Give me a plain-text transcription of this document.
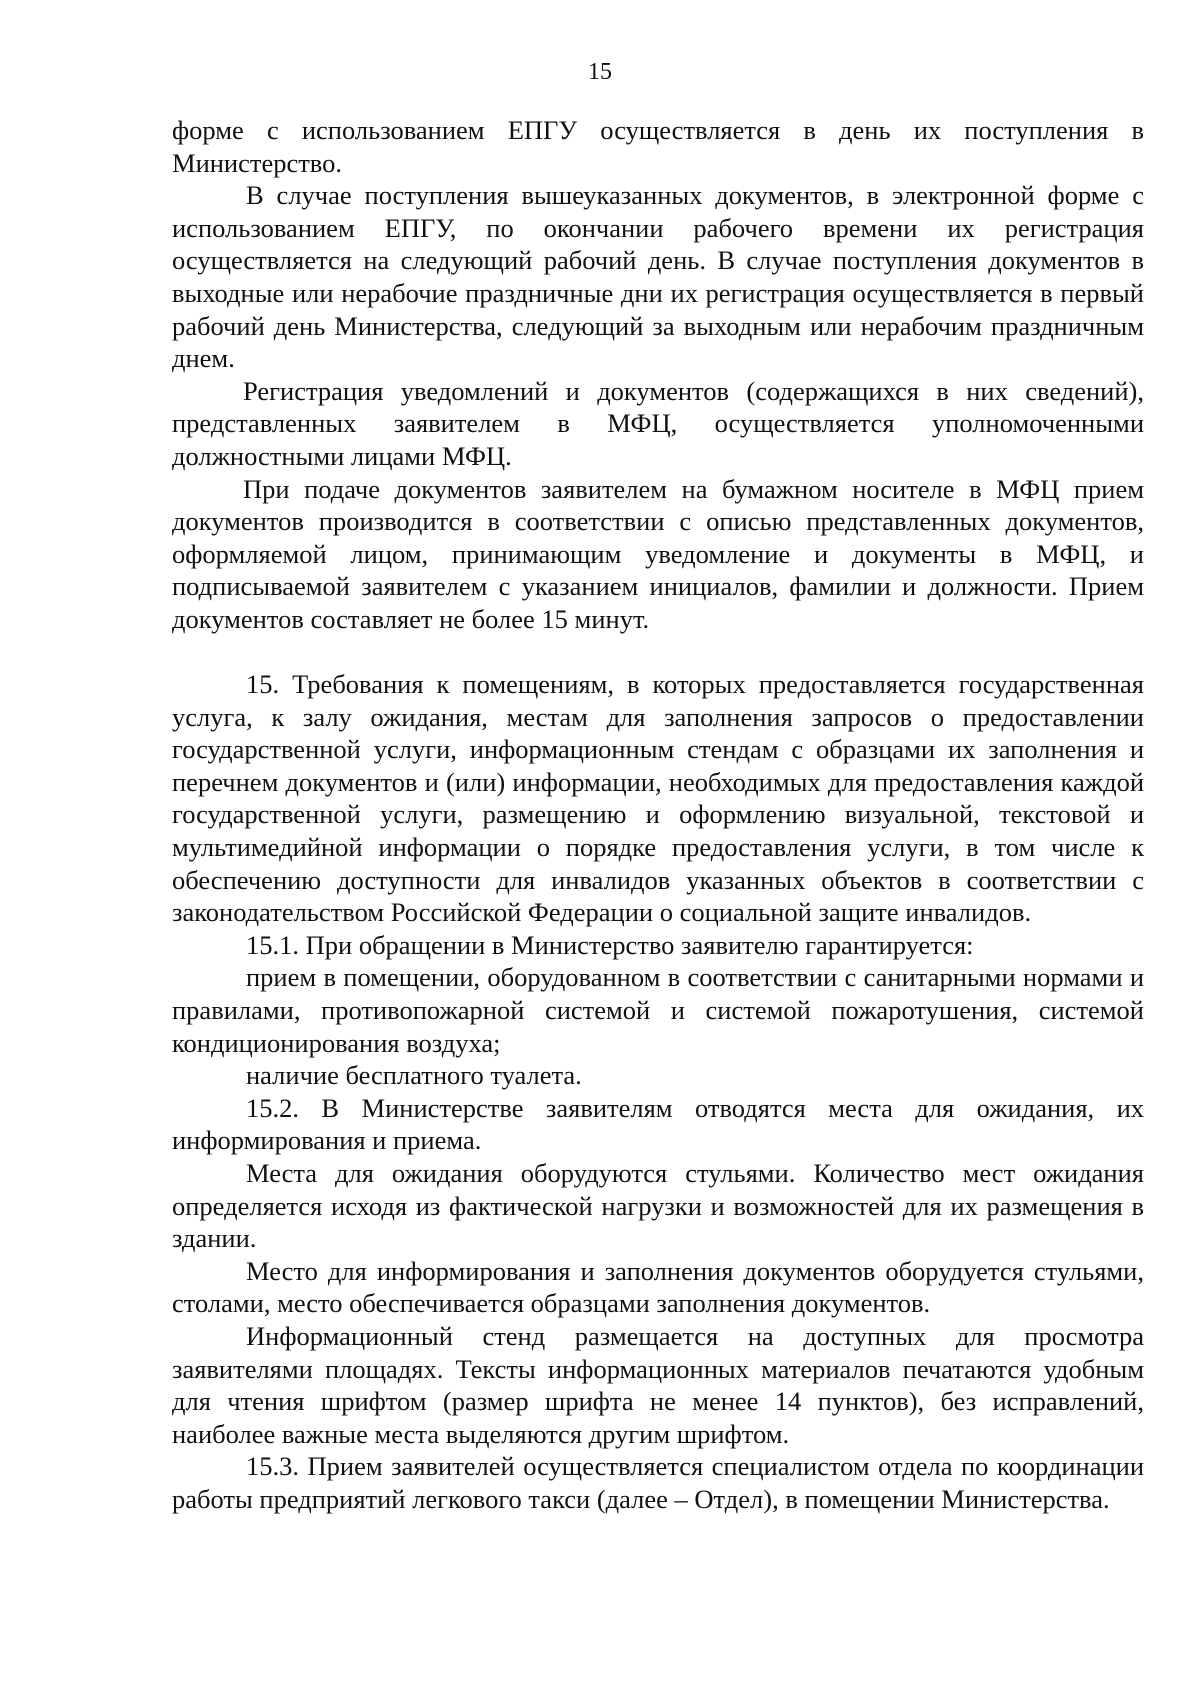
15

форме с использованием ЕПГУ осуществляется в день их поступления в Министерство.

В случае поступления вышеуказанных документов, в электронной форме с использованием ЕПГУ, по окончании рабочего времени их регистрация осуществляется на следующий рабочий день. В случае поступления документов в выходные или нерабочие праздничные дни их регистрация осуществляется в первый рабочий день Министерства, следующий за выходным или нерабочим праздничным днем.

Регистрация уведомлений и документов (содержащихся в них сведений), представленных заявителем в МФЦ, осуществляется уполномоченными должностными лицами МФЦ.

При подаче документов заявителем на бумажном носителе в МФЦ прием документов производится в соответствии с описью представленных документов, оформляемой лицом, принимающим уведомление и документы в МФЦ, и подписываемой заявителем с указанием инициалов, фамилии и должности. Прием документов составляет не более 15 минут.

15. Требования к помещениям, в которых предоставляется государственная услуга, к залу ожидания, местам для заполнения запросов о предоставлении государственной услуги, информационным стендам с образцами их заполнения и перечнем документов и (или) информации, необходимых для предоставления каждой государственной услуги, размещению и оформлению визуальной, текстовой и мультимедийной информации о порядке предоставления услуги, в том числе к обеспечению доступности для инвалидов указанных объектов в соответствии с законодательством Российской Федерации о социальной защите инвалидов.

15.1. При обращении в Министерство заявителю гарантируется:

прием в помещении, оборудованном в соответствии с санитарными нормами и правилами, противопожарной системой и системой пожаротушения, системой кондиционирования воздуха;

наличие бесплатного туалета.

15.2. В Министерстве заявителям отводятся места для ожидания, их информирования и приема.

Места для ожидания оборудуются стульями. Количество мест ожидания определяется исходя из фактической нагрузки и возможностей для их размещения в здании.

Место для информирования и заполнения документов оборудуется стульями, столами, место обеспечивается образцами заполнения документов.

Информационный стенд размещается на доступных для просмотра заявителями площадях. Тексты информационных материалов печатаются удобным для чтения шрифтом (размер шрифта не менее 14 пунктов), без исправлений, наиболее важные места выделяются другим шрифтом.

15.3. Прием заявителей осуществляется специалистом отдела по координации работы предприятий легкового такси (далее – Отдел), в помещении Министерства.
